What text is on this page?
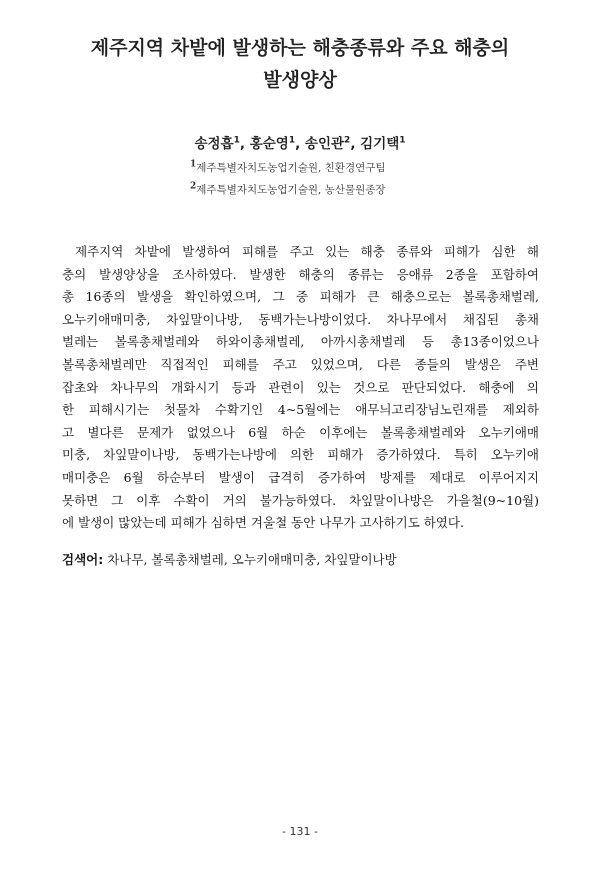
제주지역 차밭에 발생하는 해충종류와 주요 해충의
발생양상
송정흡$^1$, 홍순영$^1$, 송인관$^2$, 김기택$^1$
$^1$제주특별자치도농업기술원, 친환경연구팀
$^2$제주특별자치도농업기술원, 농산물원종장
제주지역 차밭에 발생하여 피해를 주고 있는 해충 종류와 피해가 심한 해
충의 발생양상을 조사하였다. 발생한 해충의 종류는 응애류 2종을 포함하여
총 16종의 발생을 확인하였으며, 그 중 피해가 큰 해충으로는 볼록총채벌레,
오누키애매미충, 차잎말이나방, 동백가는나방이었다. 차나무에서 채집된 총채
벌레는 볼록총채벌레와 하와이총채벌레, 아까시총채벌레 등 총13종이었으나
볼록총채벌레만 직접적인 피해를 주고 있었으며, 다른 종들의 발생은 주변
잡초와 차나무의 개화시기 등과 관련이 있는 것으로 판단되었다. 해충에 의
한 피해시기는 첫물차 수확기인 4~5월에는 애무늬고리장님노린재를 제외하
고 별다른 문제가 없었으나 6월 하순 이후에는 볼록총채벌레와 오누키애매
미충, 차잎말이나방, 동백가는나방에 의한 피해가 증가하였다. 특히 오누키애
매미충은 6월 하순부터 발생이 급격히 증가하여 방제를 제대로 이루어지지
못하면 그 이후 수확이 거의 불가능하였다. 차잎말이나방은 가을철(9~10월)
에 발생이 많았는데 피해가 심하면 겨울철 동안 나무가 고사하기도 하였다.
검색어: 차나무, 볼록총채벌레, 오누키애매미충, 차잎말이나방
- 131 -
